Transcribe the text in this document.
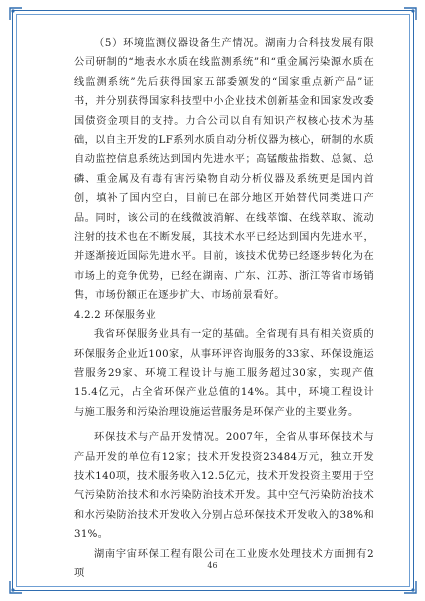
（5）环境监测仪器设备生产情况。湖南力合科技发展有限公司研制的“地表水水质在线监测系统”和“重金属污染源水质在线监测系统”先后获得国家五部委颁发的“国家重点新产品”证书，并分别获得国家科技型中小企业技术创新基金和国家发改委国债资金项目的支持。力合公司以自有知识产权核心技术为基础，以自主开发的LF系列水质自动分析仪器为核心，研制的水质自动监控信息系统达到国内先进水平；高锰酸盐指数、总氮、总磷、重金属及有毒有害污染物自动分析仪器及系统更是国内首创，填补了国内空白，目前已在部分地区开始替代同类进口产品。同时，该公司的在线微波消解、在线萃馏、在线萃取、流动注射的技术也在不断发展，其技术水平已经达到国内先进水平，并逐渐接近国际先进水平。目前，该技术优势已经逐步转化为在市场上的竞争优势，已经在湖南、广东、江苏、浙江等省市场销售，市场份额正在逐步扩大、市场前景看好。

4.2.2 环保服务业

我省环保服务业具有一定的基础。全省现有具有相关资质的环保服务企业近100家，从事环评咨询服务的33家、环保设施运营服务29家、环境工程设计与施工服务超过30家，实现产值15.4亿元，占全省环保产业总值的14%。其中，环境工程设计与施工服务和污染治理设施运营服务是环保产业的主要业务。

环保技术与产品开发情况。2007年，全省从事环保技术与产品开发的单位有12家；技术开发投资23484万元，独立开发技术140项，技术服务收入12.5亿元，技术开发投资主要用于空气污染防治技术和水污染防治技术开发。其中空气污染防治技术和水污染防治技术开发收入分别占总环保技术开发收入的38%和31%。

湖南宇宙环保工程有限公司在工业废水处理技术方面拥有2项

46
